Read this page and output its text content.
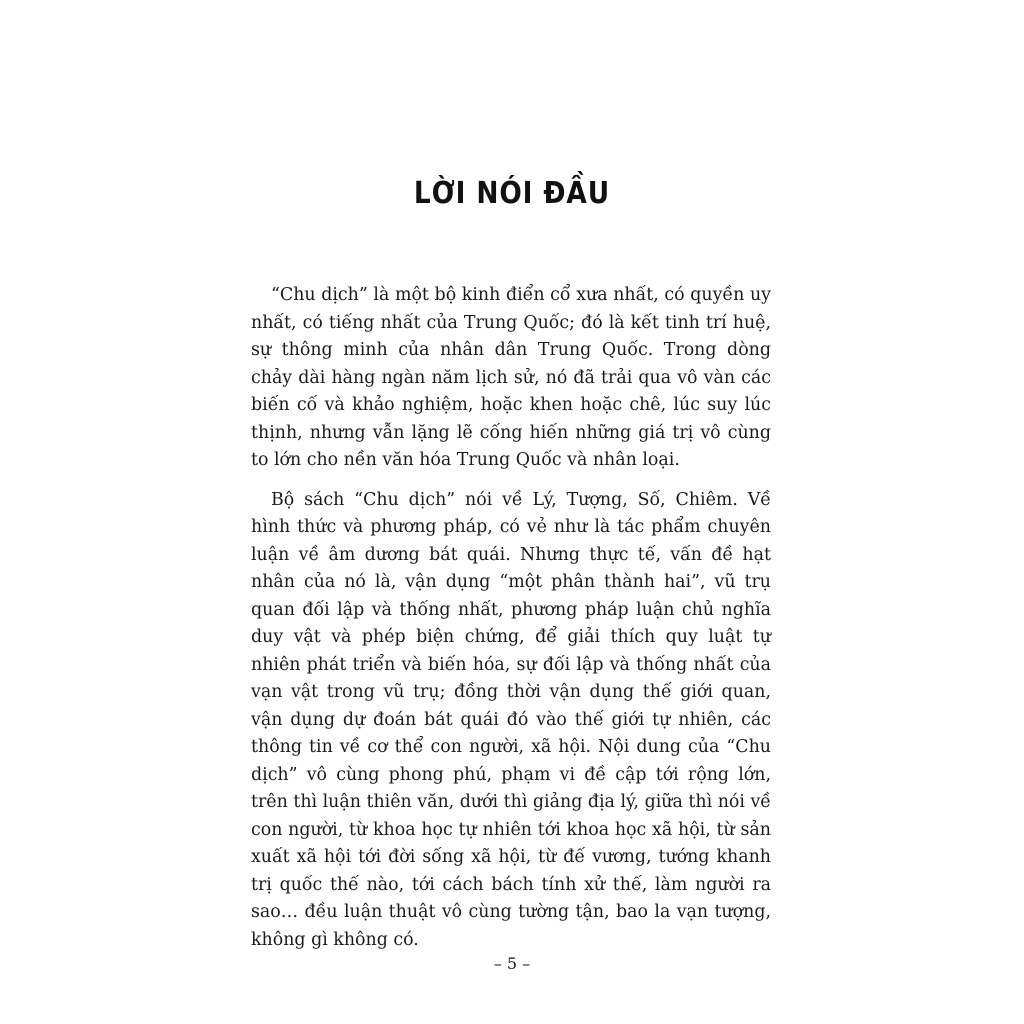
LỜI NÓI ĐẦU

“Chu dịch” là một bộ kinh điển cổ xưa nhất, có quyền uy nhất, có tiếng nhất của Trung Quốc; đó là kết tinh trí huệ, sự thông minh của nhân dân Trung Quốc. Trong dòng chảy dài hàng ngàn năm lịch sử, nó đã trải qua vô vàn các biến cố và khảo nghiệm, hoặc khen hoặc chê, lúc suy lúc thịnh, nhưng vẫn lặng lẽ cống hiến những giá trị vô cùng to lớn cho nền văn hóa Trung Quốc và nhân loại.

Bộ sách “Chu dịch” nói về Lý, Tượng, Số, Chiêm. Về hình thức và phương pháp, có vẻ như là tác phẩm chuyên luận về âm dương bát quái. Nhưng thực tế, vấn đề hạt nhân của nó là, vận dụng “một phân thành hai”, vũ trụ quan đối lập và thống nhất, phương pháp luận chủ nghĩa duy vật và phép biện chứng, để giải thích quy luật tự nhiên phát triển và biến hóa, sự đối lập và thống nhất của vạn vật trong vũ trụ; đồng thời vận dụng thế giới quan, vận dụng dự đoán bát quái đó vào thế giới tự nhiên, các thông tin về cơ thể con người, xã hội. Nội dung của “Chu dịch” vô cùng phong phú, phạm vi đề cập tới rộng lớn, trên thì luận thiên văn, dưới thì giảng địa lý, giữa thì nói về con người, từ khoa học tự nhiên tới khoa học xã hội, từ sản xuất xã hội tới đời sống xã hội, từ đế vương, tướng khanh trị quốc thế nào, tới cách bách tính xử thế, làm người ra sao… đều luận thuật vô cùng tường tận, bao la vạn tượng, không gì không có.

– 5 –
